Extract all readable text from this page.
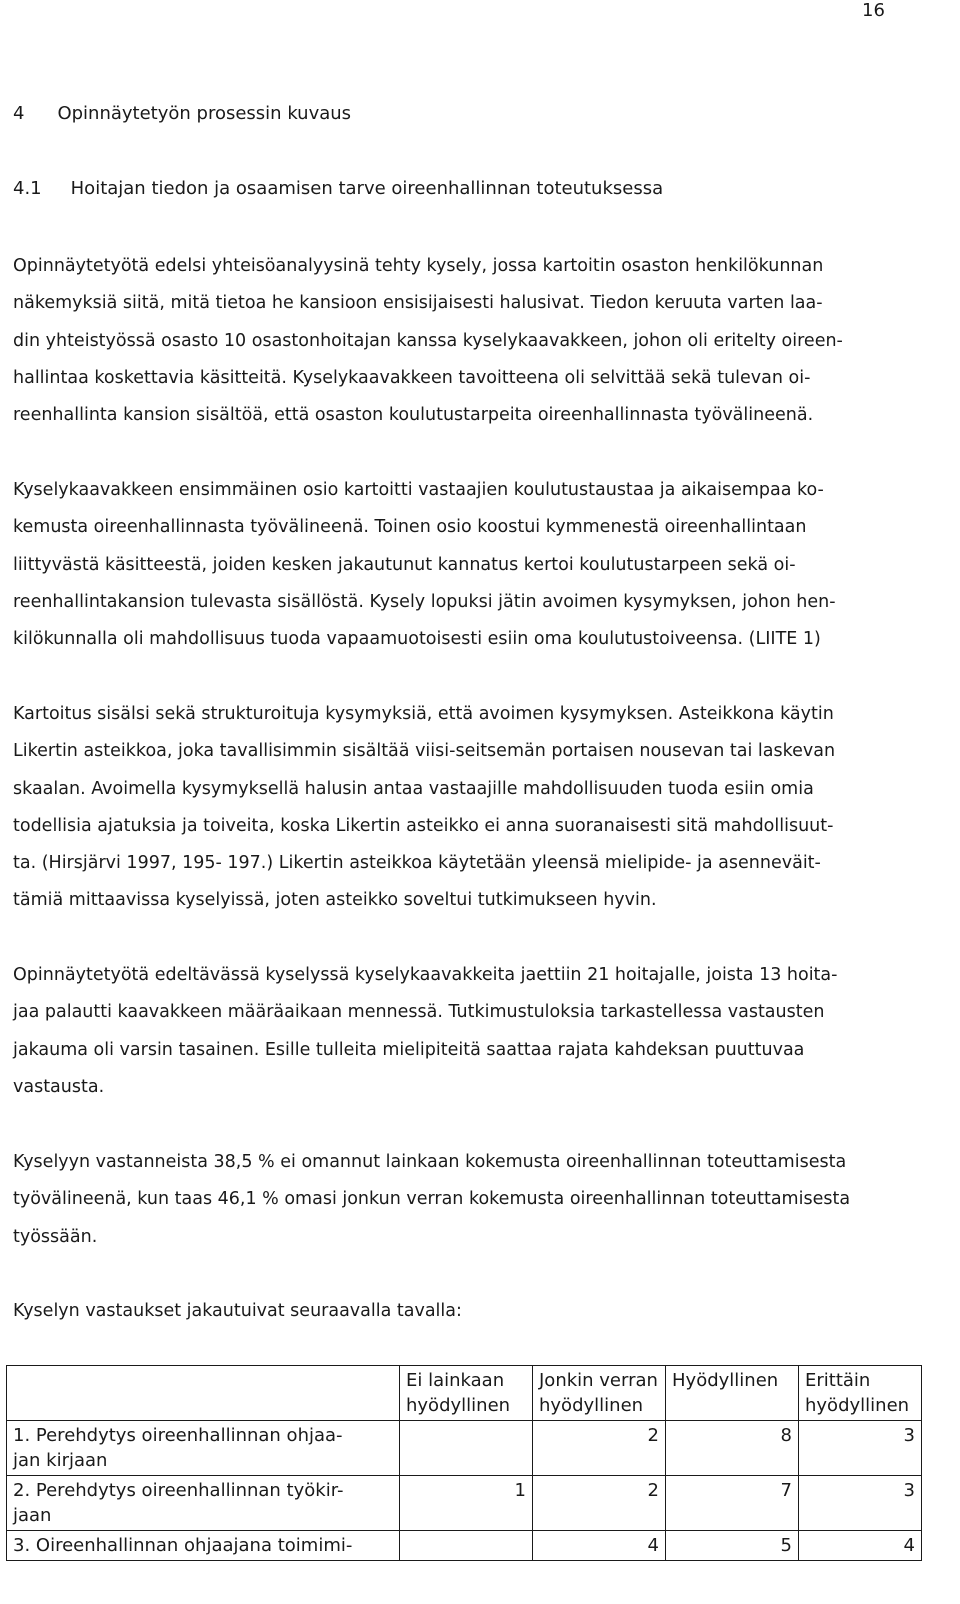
16
4 Opinnäytetyön prosessin kuvaus
4.1 Hoitajan tiedon ja osaamisen tarve oireenhallinnan toteutuksessa
Opinnäytetyötä edelsi yhteisöanalyysinä tehty kysely, jossa kartoitin osaston henkilökunnan
näkemyksiä siitä, mitä tietoa he kansioon ensisijaisesti halusivat. Tiedon keruuta varten laa-
din yhteistyössä osasto 10 osastonhoitajan kanssa kyselykaavakkeen, johon oli eritelty oireen-
hallintaa koskettavia käsitteitä. Kyselykaavakkeen tavoitteena oli selvittää sekä tulevan oi-
reenhallinta kansion sisältöä, että osaston koulutustarpeita oireenhallinnasta työvälineenä.
Kyselykaavakkeen ensimmäinen osio kartoitti vastaajien koulutustaustaa ja aikaisempaa ko-
kemusta oireenhallinnasta työvälineenä. Toinen osio koostui kymmenestä oireenhallintaan
liittyvästä käsitteestä, joiden kesken jakautunut kannatus kertoi koulutustarpeen sekä oi-
reenhallintakansion tulevasta sisällöstä. Kysely lopuksi jätin avoimen kysymyksen, johon hen-
kilökunnalla oli mahdollisuus tuoda vapaamuotoisesti esiin oma koulutustoiveensa. (LIITE 1)
Kartoitus sisälsi sekä strukturoituja kysymyksiä, että avoimen kysymyksen. Asteikkona käytin
Likertin asteikkoa, joka tavallisimmin sisältää viisi-seitsemän portaisen nousevan tai laskevan
skaalan. Avoimella kysymyksellä halusin antaa vastaajille mahdollisuuden tuoda esiin omia
todellisia ajatuksia ja toiveita, koska Likertin asteikko ei anna suoranaisesti sitä mahdollisuut-
ta. (Hirsjärvi 1997, 195- 197.) Likertin asteikkoa käytetään yleensä mielipide- ja asenneväit-
tämiä mittaavissa kyselyissä, joten asteikko soveltui tutkimukseen hyvin.
Opinnäytetyötä edeltävässä kyselyssä kyselykaavakkeita jaettiin 21 hoitajalle, joista 13 hoita-
jaa palautti kaavakkeen määräaikaan mennessä. Tutkimustuloksia tarkastellessa vastausten
jakauma oli varsin tasainen. Esille tulleita mielipiteitä saattaa rajata kahdeksan puuttuvaa
vastausta.
Kyselyyn vastanneista 38,5 % ei omannut lainkaan kokemusta oireenhallinnan toteuttamisesta
työvälineenä, kun taas 46,1 % omasi jonkun verran kokemusta oireenhallinnan toteuttamisesta
työssään.
Kyselyn vastaukset jakautuivat seuraavalla tavalla:
	Ei lainkaan hyödyllinen	Jonkin verran hyödyllinen	Hyödyllinen	Erittäin hyödyllinen
1. Perehdytys oireenhallinnan ohjaa-
jan kirjaan		2	8	3
2. Perehdytys oireenhallinnan työkir-
jaan	1	2	7	3
3. Oireenhallinnan ohjaajana toimimi-		4	5	4
